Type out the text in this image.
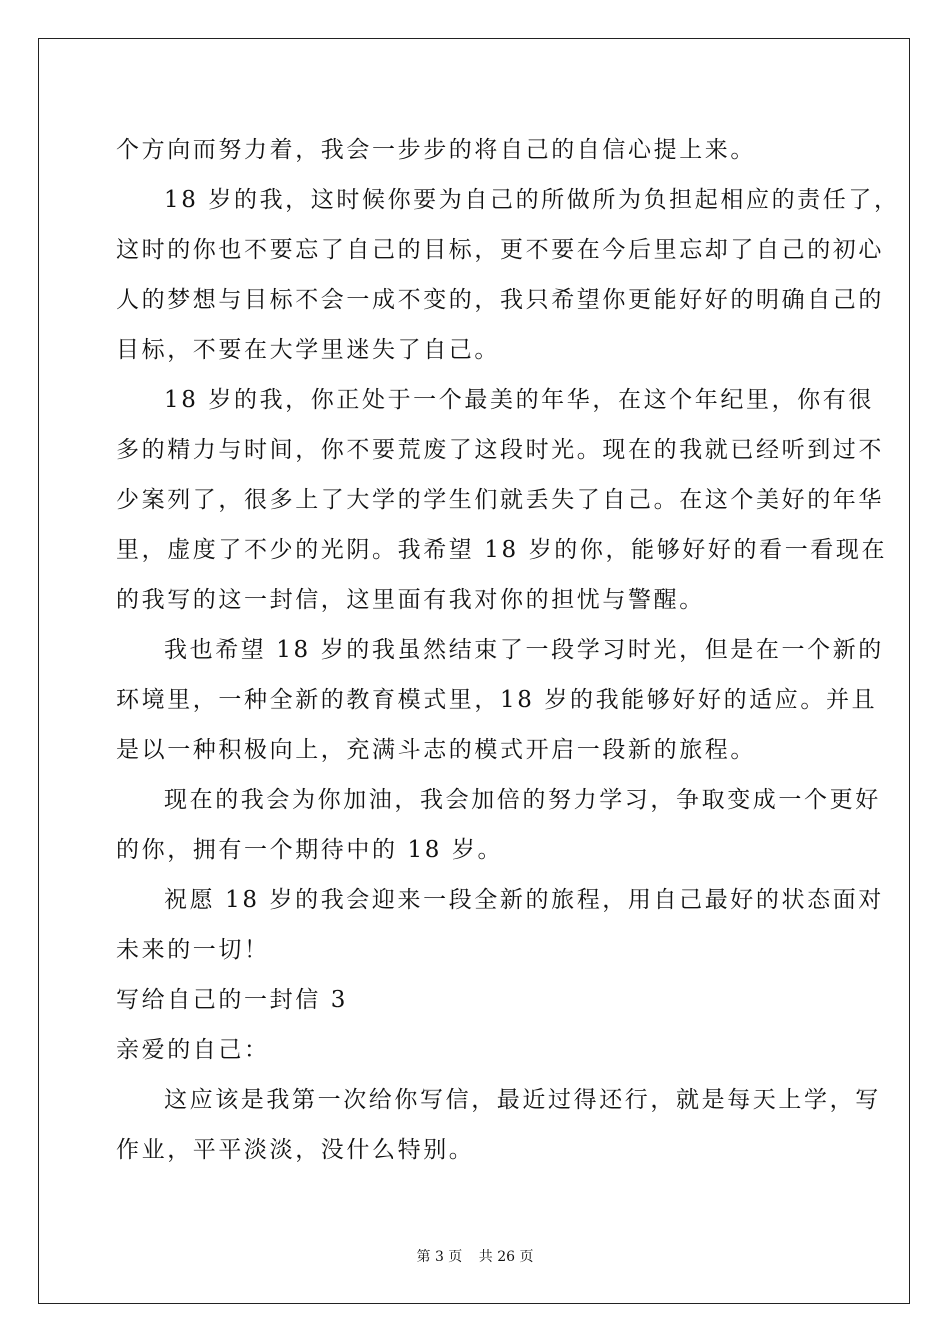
个方向而努力着，我会一步步的将自己的自信心提上来。
18 岁的我，这时候你要为自己的所做所为负担起相应的责任了，
这时的你也不要忘了自己的目标，更不要在今后里忘却了自己的初心
人的梦想与目标不会一成不变的，我只希望你更能好好的明确自己的
目标，不要在大学里迷失了自己。
18 岁的我，你正处于一个最美的年华，在这个年纪里，你有很
多的精力与时间，你不要荒废了这段时光。现在的我就已经听到过不
少案列了，很多上了大学的学生们就丢失了自己。在这个美好的年华
里，虚度了不少的光阴。我希望 18 岁的你，能够好好的看一看现在
的我写的这一封信，这里面有我对你的担忧与警醒。
我也希望 18 岁的我虽然结束了一段学习时光，但是在一个新的
环境里，一种全新的教育模式里，18 岁的我能够好好的适应。并且
是以一种积极向上，充满斗志的模式开启一段新的旅程。
现在的我会为你加油，我会加倍的努力学习，争取变成一个更好
的你，拥有一个期待中的 18 岁。
祝愿 18 岁的我会迎来一段全新的旅程，用自己最好的状态面对
未来的一切！
写给自己的一封信 3
亲爱的自己：
这应该是我第一次给你写信，最近过得还行，就是每天上学，写
作业，平平淡淡，没什么特别。
第 3 页 共 26 页
